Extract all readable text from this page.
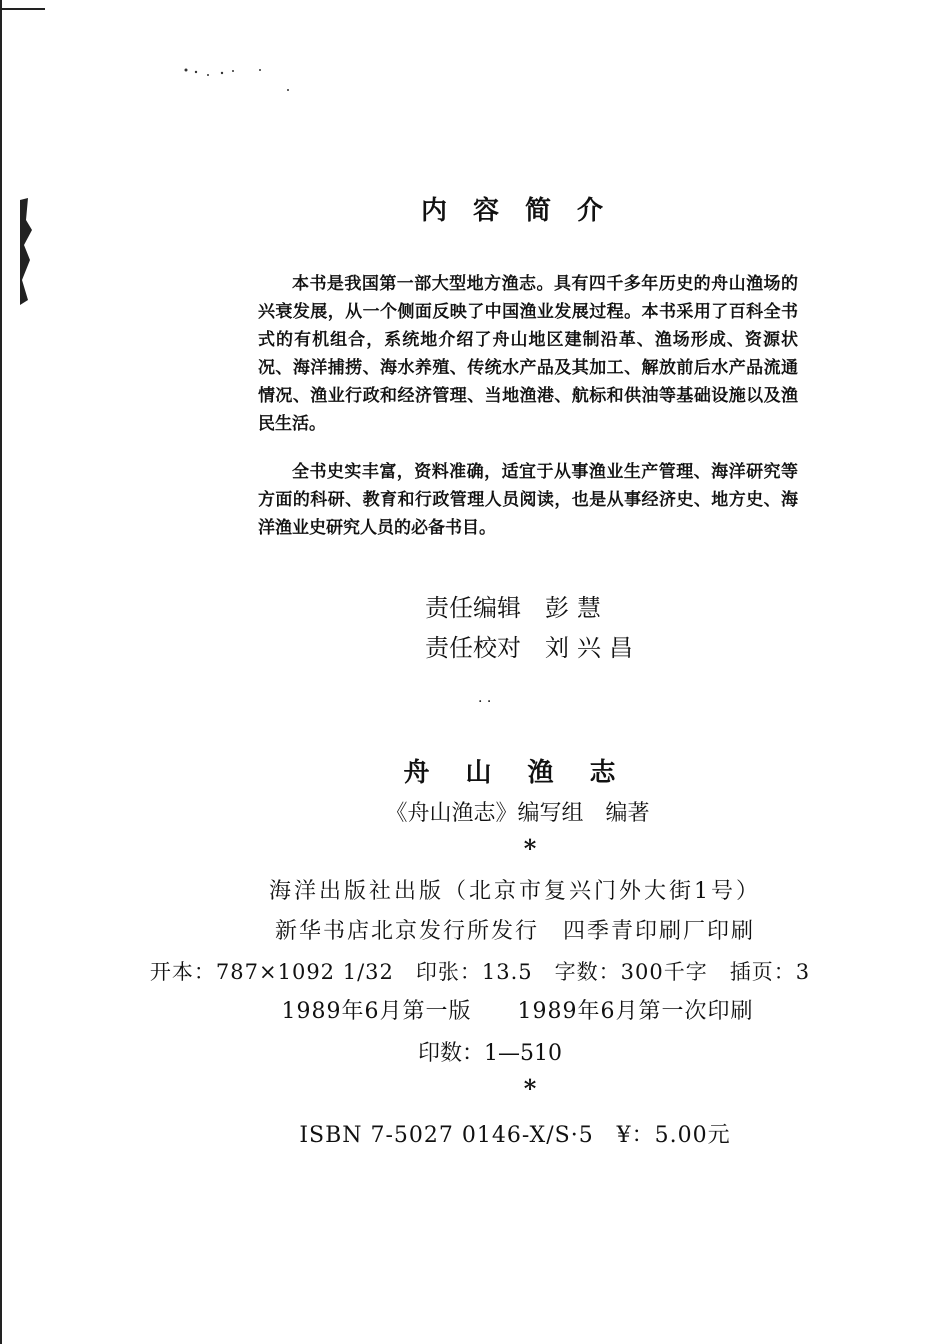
内容简介
本书是我国第一部大型地方渔志。具有四千多年历史的舟山渔场的兴衰发展，从一个侧面反映了中国渔业发展过程。本书采用了百科全书式的有机组合，系统地介绍了舟山地区建制沿革、渔场形成、资源状况、海洋捕捞、海水养殖、传统水产品及其加工、解放前后水产品流通情况、渔业行政和经济管理、当地渔港、航标和供油等基础设施以及渔民生活。
全书史实丰富，资料准确，适宜于从事渔业生产管理、海洋研究等方面的科研、教育和行政管理人员阅读，也是从事经济史、地方史、海洋渔业史研究人员的必备书目。
责任编辑 彭慧
责任校对 刘兴昌
· ·
舟山渔志
《舟山渔志》编写组　编著
*
海洋出版社出版（北京市复兴门外大街1号）
新华书店北京发行所发行　四季青印刷厂印刷
开本：787×1092 1/32　印张：13.5　字数：300千字　插页：3
1989年6月第一版　　1989年6月第一次印刷
印数：1—510
*
ISBN 7-5027 0146-X/S·5　¥：5.00元
